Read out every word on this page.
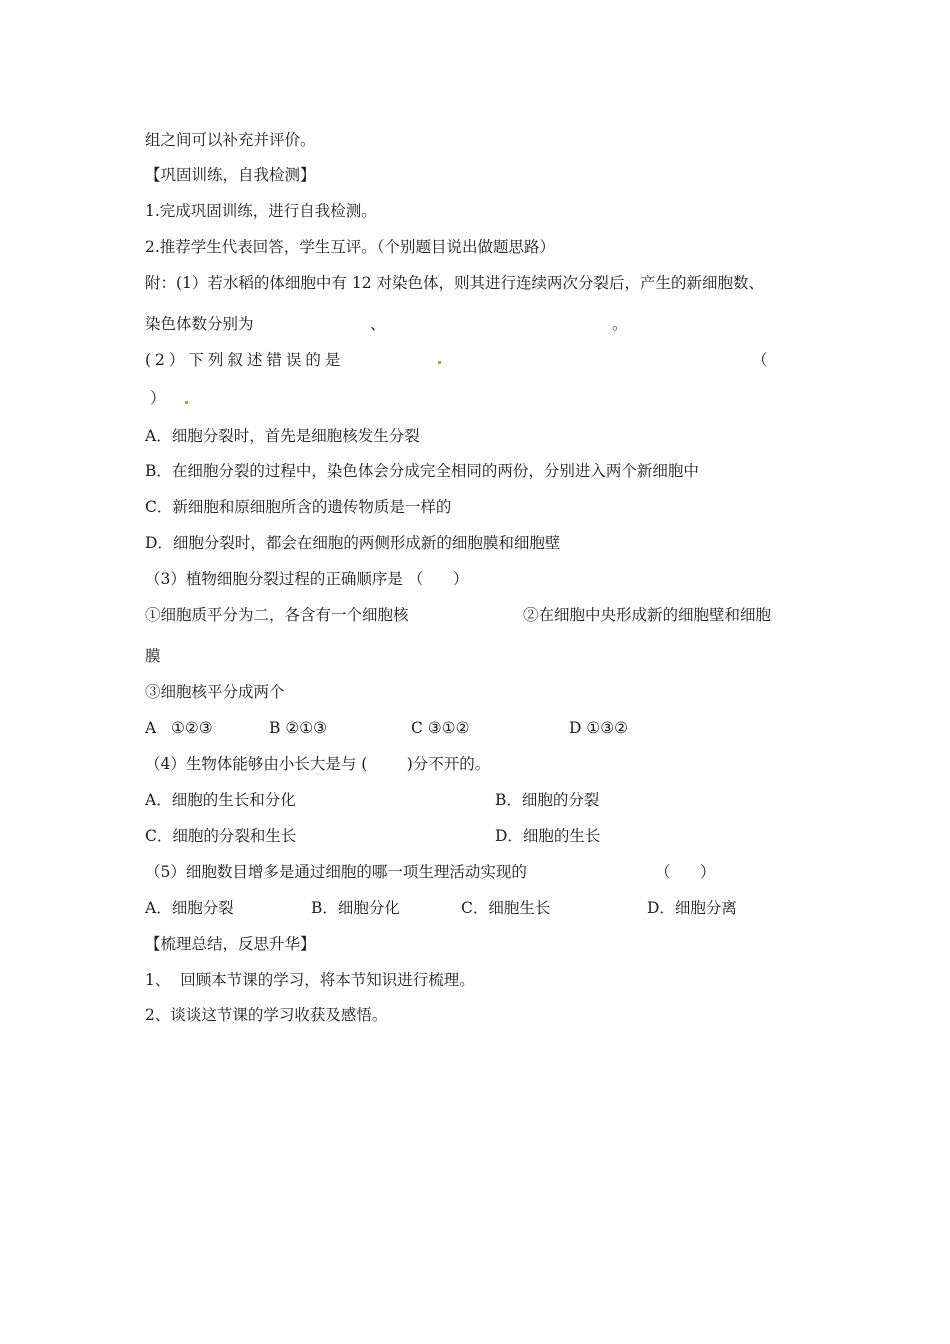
组之间可以补充并评价。
【巩固训练，自我检测】
1.完成巩固训练，进行自我检测。
2.推荐学生代表回答，学生互评。（个别题目说出做题思路）
附：(1）若水稻的体细胞中有 12 对染色体，则其进行连续两次分裂后，产生的新细胞数、
染色体数分别为	、	。
(2）下列叙述错误的是	（
）
A．细胞分裂时，首先是细胞核发生分裂
B．在细胞分裂的过程中，染色体会分成完全相同的两份，分别进入两个新细胞中
C．新细胞和原细胞所含的遗传物质是一样的
D．细胞分裂时，都会在细胞的两侧形成新的细胞膜和细胞壁
（3）植物细胞分裂过程的正确顺序是 （      ）
①细胞质平分为二，各含有一个细胞核	②在细胞中央形成新的细胞壁和细胞
膜
③细胞核平分成两个
A   ①②③	B ②①③	C ③①②	D ①③②
（4）生物体能够由小长大是与 (        )分不开的。
A．细胞的生长和分化	B．细胞的分裂
C．细胞的分裂和生长	D．细胞的生长
（5）细胞数目增多是通过细胞的哪一项生理活动实现的	（      ）
A．细胞分裂	B．细胞分化	C．细胞生长	D．细胞分离
【梳理总结，反思升华】
1、  回顾本节课的学习，将本节知识进行梳理。
2、谈谈这节课的学习收获及感悟。
